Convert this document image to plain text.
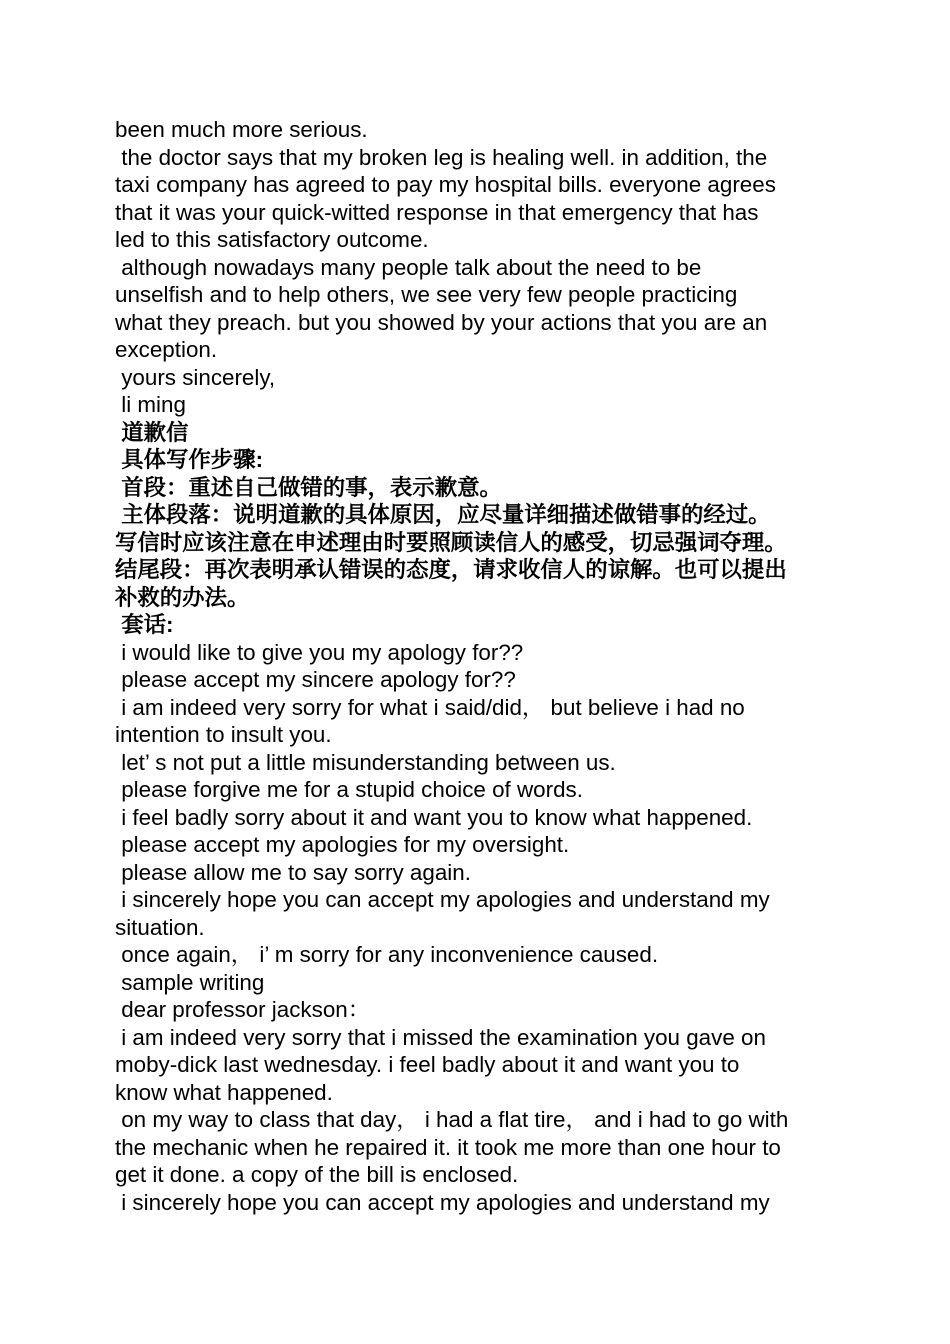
been much more serious.
the doctor says that my broken leg is healing well. in addition, the
taxi company has agreed to pay my hospital bills. everyone agrees
that it was your quick-witted response in that emergency that has
led to this satisfactory outcome.
although nowadays many people talk about the need to be
unselfish and to help others, we see very few people practicing
what they preach. but you showed by your actions that you are an
exception.
yours sincerely,
li ming
道歉信
具体写作步骤:
首段：重述自己做错的事，表示歉意。
主体段落：说明道歉的具体原因，应尽量详细描述做错事的经过。
写信时应该注意在申述理由时要照顾读信人的感受，切忌强词夺理。
结尾段：再次表明承认错误的态度，请求收信人的谅解。也可以提出
补救的办法。
套话:
i would like to give you my apology for??
please accept my sincere apology for??
i am indeed very sorry for what i said/did， but believe i had no
intention to insult you.
let’ s not put a little misunderstanding between us.
please forgive me for a stupid choice of words.
i feel badly sorry about it and want you to know what happened.
please accept my apologies for my oversight.
please allow me to say sorry again.
i sincerely hope you can accept my apologies and understand my
situation.
once again， i’ m sorry for any inconvenience caused.
sample writing
dear professor jackson：
i am indeed very sorry that i missed the examination you gave on
moby-dick last wednesday. i feel badly about it and want you to
know what happened.
on my way to class that day， i had a flat tire， and i had to go with
the mechanic when he repaired it. it took me more than one hour to
get it done. a copy of the bill is enclosed.
i sincerely hope you can accept my apologies and understand my
